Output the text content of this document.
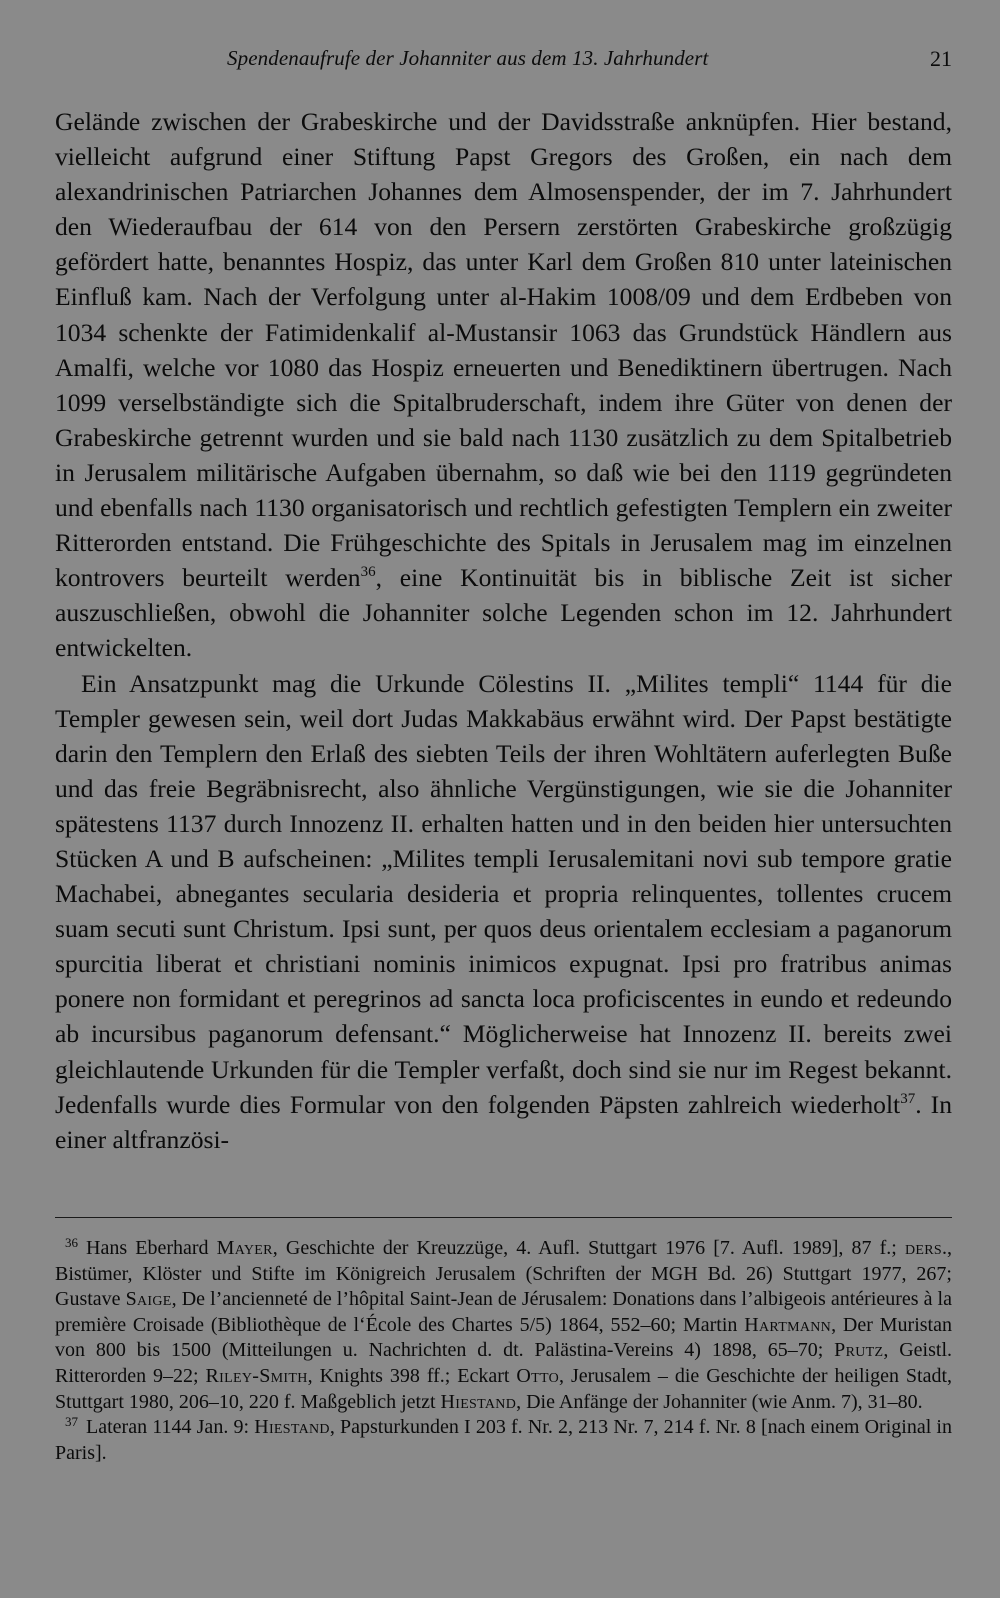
Spendenaufrufe der Johanniter aus dem 13. Jahrhundert	21

Gelände zwischen der Grabeskirche und der Davidsstraße anknüpfen. Hier bestand, vielleicht aufgrund einer Stiftung Papst Gregors des Großen, ein nach dem alexandrinischen Patriarchen Johannes dem Almosenspender, der im 7. Jahrhundert den Wiederaufbau der 614 von den Persern zerstörten Grabeskirche großzügig gefördert hatte, benanntes Hospiz, das unter Karl dem Großen 810 unter lateinischen Einfluß kam. Nach der Verfolgung unter al-Hakim 1008/09 und dem Erdbeben von 1034 schenkte der Fatimidenkalif al-Mustansir 1063 das Grundstück Händlern aus Amalfi, welche vor 1080 das Hospiz erneuerten und Benediktinern übertrugen. Nach 1099 verselbständigte sich die Spitalbruderschaft, indem ihre Güter von denen der Grabeskirche getrennt wurden und sie bald nach 1130 zusätzlich zu dem Spitalbetrieb in Jerusalem militärische Aufgaben übernahm, so daß wie bei den 1119 gegründeten und ebenfalls nach 1130 organisatorisch und rechtlich gefestigten Templern ein zweiter Ritterorden entstand. Die Frühgeschichte des Spitals in Jerusalem mag im einzelnen kontrovers beurteilt werden$^{36}$, eine Kontinuität bis in biblische Zeit ist sicher auszuschließen, obwohl die Johanniter solche Legenden schon im 12. Jahrhundert entwickelten.

Ein Ansatzpunkt mag die Urkunde Cölestins II. „Milites templi“ 1144 für die Templer gewesen sein, weil dort Judas Makkabäus erwähnt wird. Der Papst bestätigte darin den Templern den Erlaß des siebten Teils der ihren Wohltätern auferlegten Buße und das freie Begräbnisrecht, also ähnliche Vergünstigungen, wie sie die Johanniter spätestens 1137 durch Innozenz II. erhalten hatten und in den beiden hier untersuchten Stücken A und B aufscheinen: „Milites templi Ierusalemitani novi sub tempore gratie Machabei, abnegantes secularia desideria et propria relinquentes, tollentes crucem suam secuti sunt Christum. Ipsi sunt, per quos deus orientalem ecclesiam a paganorum spurcitia liberat et christiani nominis inimicos expugnat. Ipsi pro fratribus animas ponere non formidant et peregrinos ad sancta loca proficiscentes in eundo et redeundo ab incursibus paganorum defensant.“ Möglicherweise hat Innozenz II. bereits zwei gleichlautende Urkunden für die Templer verfaßt, doch sind sie nur im Regest bekannt. Jedenfalls wurde dies Formular von den folgenden Päpsten zahlreich wiederholt$^{37}$. In einer altfranzösi-

$^{36}$ Hans Eberhard Mayer, Geschichte der Kreuzzüge, 4. Aufl. Stuttgart 1976 [7. Aufl. 1989], 87 f.; ders., Bistümer, Klöster und Stifte im Königreich Jerusalem (Schriften der MGH Bd. 26) Stuttgart 1977, 267; Gustave Saige, De l’ancienneté de l’hôpital Saint-Jean de Jérusalem: Donations dans l’albigeois antérieures à la première Croisade (Bibliothèque de l‘École des Chartes 5/5) 1864, 552–60; Martin Hartmann, Der Muristan von 800 bis 1500 (Mitteilungen u. Nachrichten d. dt. Palästina-Vereins 4) 1898, 65–70; Prutz, Geistl. Ritterorden 9–22; Riley-Smith, Knights 398 ff.; Eckart Otto, Jerusalem – die Geschichte der heiligen Stadt, Stuttgart 1980, 206–10, 220 f. Maßgeblich jetzt Hiestand, Die Anfänge der Johanniter (wie Anm. 7), 31–80.

$^{37}$ Lateran 1144 Jan. 9: Hiestand, Papsturkunden I 203 f. Nr. 2, 213 Nr. 7, 214 f. Nr. 8 [nach einem Original in Paris].
